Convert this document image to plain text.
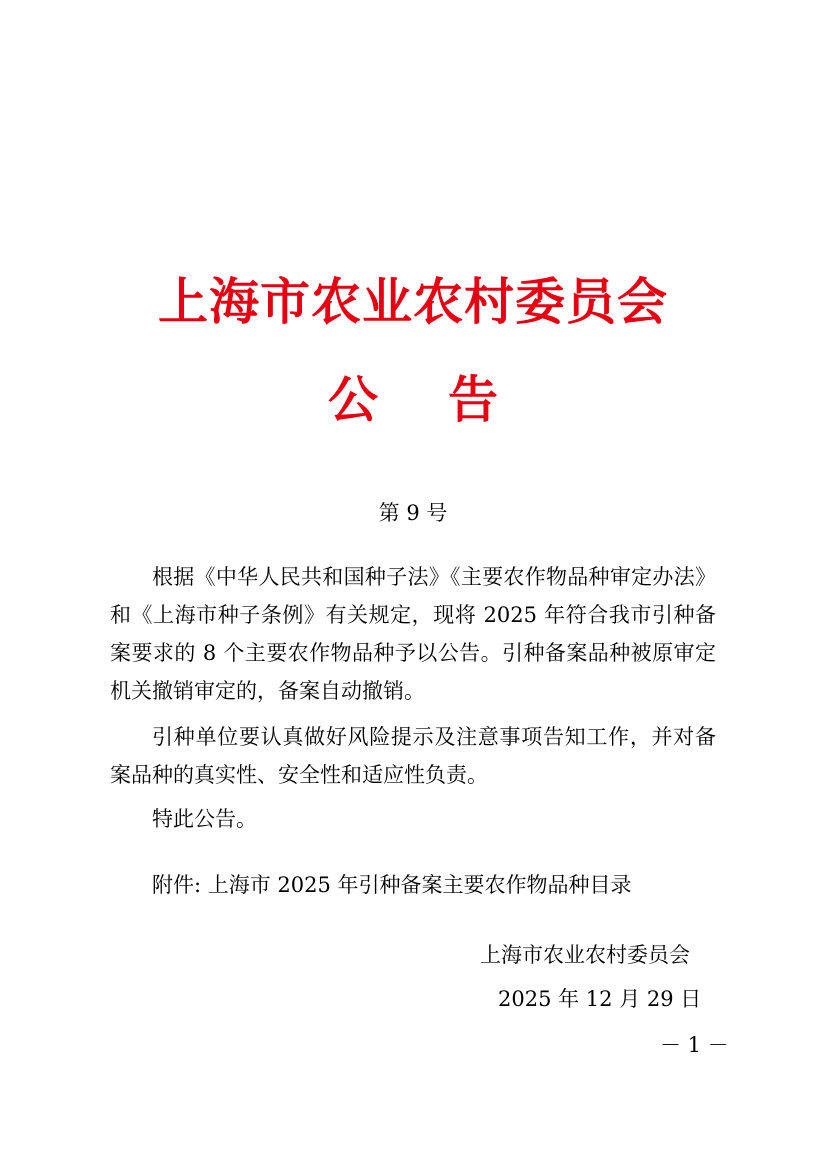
上海市农业农村委员会
公 告
第 9 号

根据《中华人民共和国种子法》《主要农作物品种审定办法》和《上海市种子条例》有关规定，现将 2025 年符合我市引种备案要求的 8 个主要农作物品种予以公告。引种备案品种被原审定机关撤销审定的，备案自动撤销。

引种单位要认真做好风险提示及注意事项告知工作，并对备案品种的真实性、安全性和适应性负责。

特此公告。

附件: 上海市 2025 年引种备案主要农作物品种目录
上海市农业农村委员会
2025 年 12 月 29 日
－ 1 －
